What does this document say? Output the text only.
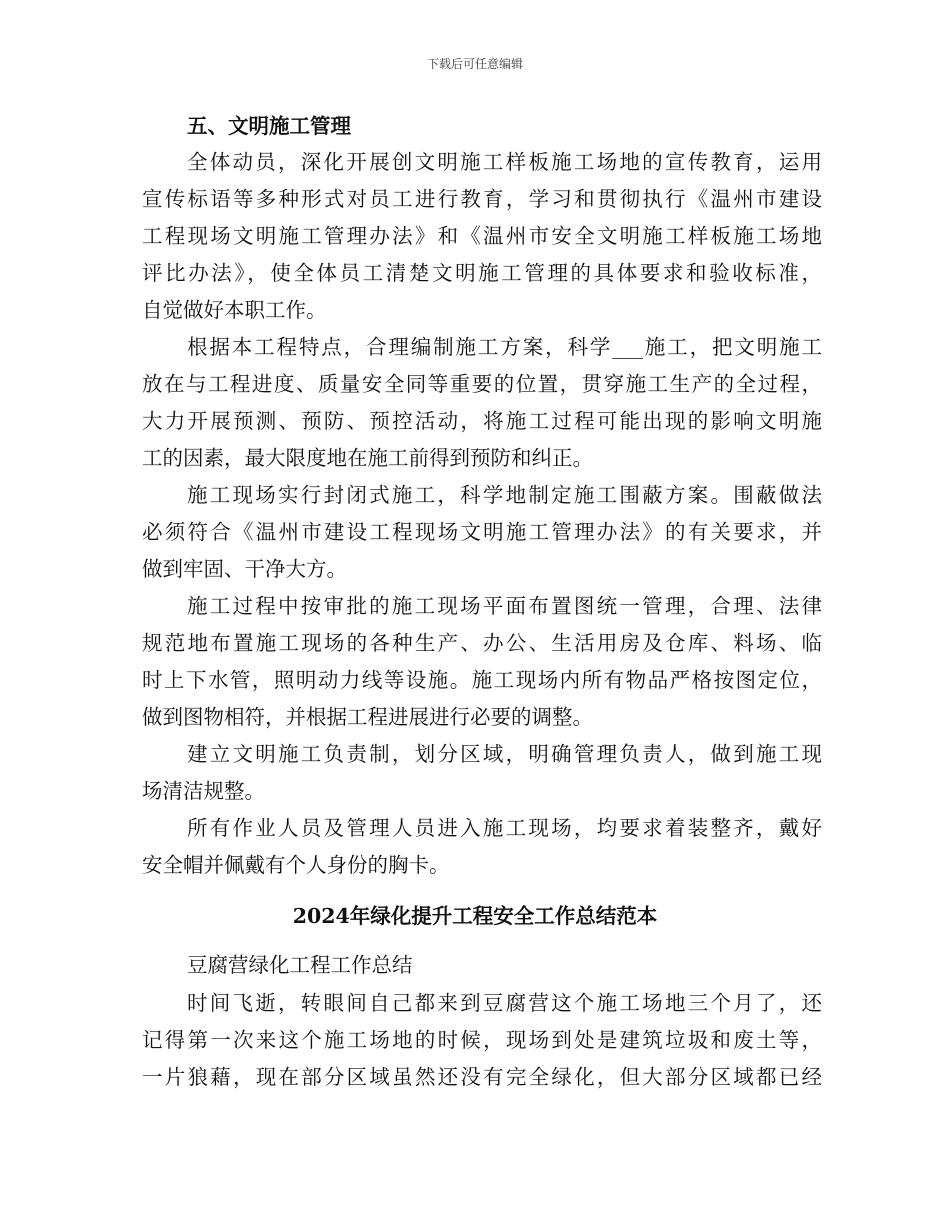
下载后可任意编辑
五、文明施工管理
全体动员，深化开展创文明施工样板施工场地的宣传教育，运用
宣传标语等多种形式对员工进行教育，学习和贯彻执行《温州市建设
工程现场文明施工管理办法》和《温州市安全文明施工样板施工场地
评比办法》，使全体员工清楚文明施工管理的具体要求和验收标准，
自觉做好本职工作。
根据本工程特点，合理编制施工方案，科学___施工，把文明施工
放在与工程进度、质量安全同等重要的位置，贯穿施工生产的全过程，
大力开展预测、预防、预控活动，将施工过程可能出现的影响文明施
工的因素，最大限度地在施工前得到预防和纠正。
施工现场实行封闭式施工，科学地制定施工围蔽方案。围蔽做法
必须符合《温州市建设工程现场文明施工管理办法》的有关要求，并
做到牢固、干净大方。
施工过程中按审批的施工现场平面布置图统一管理，合理、法律
规范地布置施工现场的各种生产、办公、生活用房及仓库、料场、临
时上下水管，照明动力线等设施。施工现场内所有物品严格按图定位，
做到图物相符，并根据工程进展进行必要的调整。
建立文明施工负责制，划分区域，明确管理负责人，做到施工现
场清洁规整。
所有作业人员及管理人员进入施工现场，均要求着装整齐，戴好
安全帽并佩戴有个人身份的胸卡。
2024年绿化提升工程安全工作总结范本
豆腐营绿化工程工作总结
时间飞逝，转眼间自己都来到豆腐营这个施工场地三个月了，还
记得第一次来这个施工场地的时候，现场到处是建筑垃圾和废土等，
一片狼藉，现在部分区域虽然还没有完全绿化，但大部分区域都已经
